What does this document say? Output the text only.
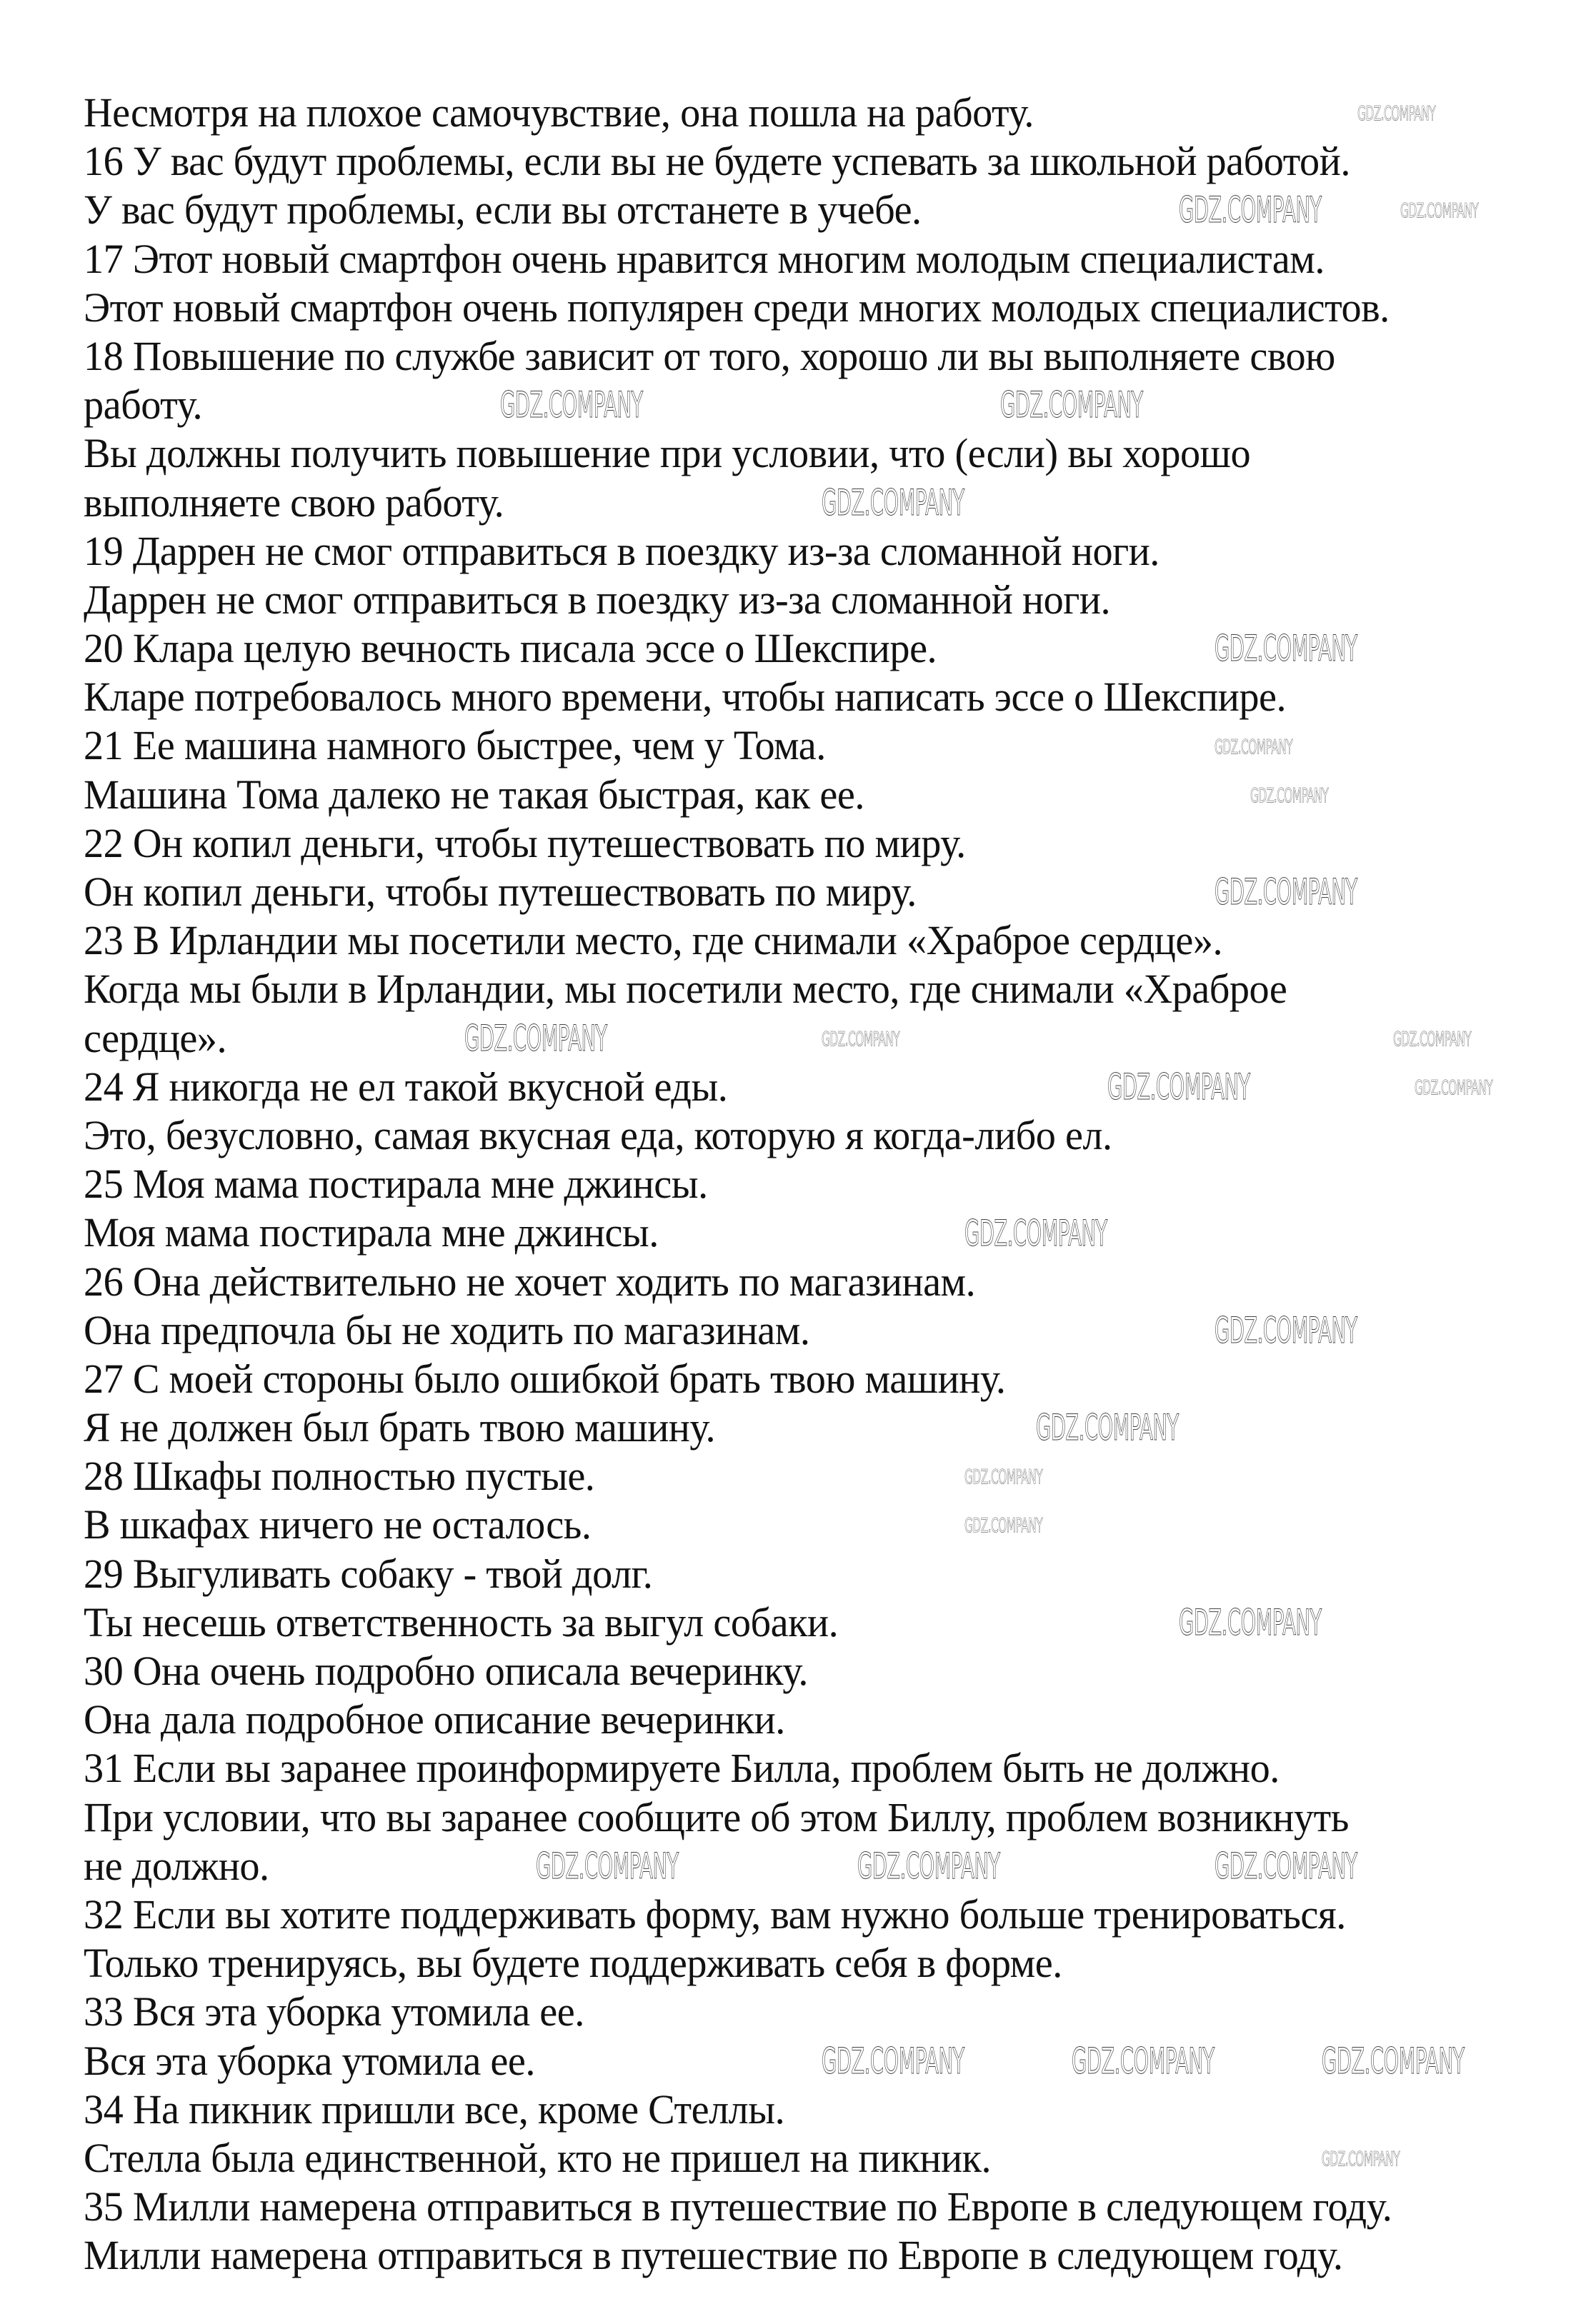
Несмотря на плохое самочувствие, она пошла на работу.
16 У вас будут проблемы, если вы не будете успевать за школьной работой.
У вас будут проблемы, если вы отстанете в учебе.
17 Этот новый смартфон очень нравится многим молодым специалистам.
Этот новый смартфон очень популярен среди многих молодых специалистов.
18 Повышение по службе зависит от того, хорошо ли вы выполняете свою
работу.
Вы должны получить повышение при условии, что (если) вы хорошо
выполняете свою работу.
19 Даррен не смог отправиться в поездку из-за сломанной ноги.
Даррен не смог отправиться в поездку из-за сломанной ноги.
20 Клара целую вечность писала эссе о Шекспире.
Кларе потребовалось много времени, чтобы написать эссе о Шекспире.
21 Ее машина намного быстрее, чем у Тома.
Машина Тома далеко не такая быстрая, как ее.
22 Он копил деньги, чтобы путешествовать по миру.
Он копил деньги, чтобы путешествовать по миру.
23 В Ирландии мы посетили место, где снимали «Храброе сердце».
Когда мы были в Ирландии, мы посетили место, где снимали «Храброе
сердце».
24 Я никогда не ел такой вкусной еды.
Это, безусловно, самая вкусная еда, которую я когда-либо ел.
25 Моя мама постирала мне джинсы.
Моя мама постирала мне джинсы.
26 Она действительно не хочет ходить по магазинам.
Она предпочла бы не ходить по магазинам.
27 С моей стороны было ошибкой брать твою машину.
Я не должен был брать твою машину.
28 Шкафы полностью пустые.
В шкафах ничего не осталось.
29 Выгуливать собаку - твой долг.
Ты несешь ответственность за выгул собаки.
30 Она очень подробно описала вечеринку.
Она дала подробное описание вечеринки.
31 Если вы заранее проинформируете Билла, проблем быть не должно.
При условии, что вы заранее сообщите об этом Биллу, проблем возникнуть
не должно.
32 Если вы хотите поддерживать форму, вам нужно больше тренироваться.
Только тренируясь, вы будете поддерживать себя в форме.
33 Вся эта уборка утомила ее.
Вся эта уборка утомила ее.
34 На пикник пришли все, кроме Стеллы.
Стелла была единственной, кто не пришел на пикник.
35 Милли намерена отправиться в путешествие по Европе в следующем году.
Милли намерена отправиться в путешествие по Европе в следующем году.
GDZ.COMPANY
GDZ.COMPANY	GDZ.COMPANY
GDZ.COMPANY	GDZ.COMPANY
GDZ.COMPANY
GDZ.COMPANY
GDZ.COMPANY
GDZ.COMPANY
GDZ.COMPANY
GDZ.COMPANY	GDZ.COMPANY	GDZ.COMPANY
GDZ.COMPANY	GDZ.COMPANY
GDZ.COMPANY
GDZ.COMPANY
GDZ.COMPANY
GDZ.COMPANY
GDZ.COMPANY
GDZ.COMPANY
GDZ.COMPANY	GDZ.COMPANY	GDZ.COMPANY
GDZ.COMPANY	GDZ.COMPANY	GDZ.COMPANY
GDZ.COMPANY
